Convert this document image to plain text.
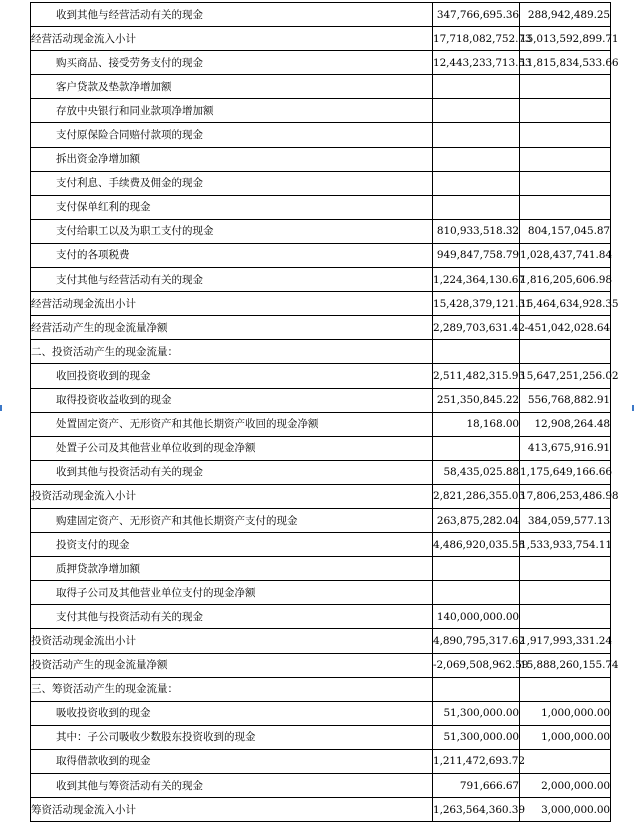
收到其他与经营活动有关的现金	347,766,695.36	288,942,489.25
经营活动现金流入小计	17,718,082,752.73	15,013,592,899.71
购买商品、接受劳务支付的现金	12,443,233,713.53	11,815,834,533.66
客户贷款及垫款净增加额		
存放中央银行和同业款项净增加额		
支付原保险合同赔付款项的现金		
拆出资金净增加额		
支付利息、手续费及佣金的现金		
支付保单红利的现金		
支付给职工以及为职工支付的现金	810,933,518.32	804,157,045.87
支付的各项税费	949,847,758.79	1,028,437,741.84
支付其他与经营活动有关的现金	1,224,364,130.67	1,816,205,606.98
经营活动现金流出小计	15,428,379,121.31	15,464,634,928.35
经营活动产生的现金流量净额	2,289,703,631.42	-451,042,028.64
二、投资活动产生的现金流量：		
收回投资收到的现金	2,511,482,315.93	15,647,251,256.02
取得投资收益收到的现金	251,350,845.22	556,768,882.91
处置固定资产、无形资产和其他长期资产收回的现金净额	18,168.00	12,908,264.48
处置子公司及其他营业单位收到的现金净额		413,675,916.91
收到其他与投资活动有关的现金	58,435,025.88	1,175,649,166.66
投资活动现金流入小计	2,821,286,355.03	17,806,253,486.98
购建固定资产、无形资产和其他长期资产支付的现金	263,875,282.04	384,059,577.13
投资支付的现金	4,486,920,035.58	1,533,933,754.11
质押贷款净增加额		
取得子公司及其他营业单位支付的现金净额		
支付其他与投资活动有关的现金	140,000,000.00	
投资活动现金流出小计	4,890,795,317.62	1,917,993,331.24
投资活动产生的现金流量净额	-2,069,508,962.59	15,888,260,155.74
三、筹资活动产生的现金流量：		
吸收投资收到的现金	51,300,000.00	1,000,000.00
其中：子公司吸收少数股东投资收到的现金	51,300,000.00	1,000,000.00
取得借款收到的现金	1,211,472,693.72	
收到其他与筹资活动有关的现金	791,666.67	2,000,000.00
筹资活动现金流入小计	1,263,564,360.39	3,000,000.00
